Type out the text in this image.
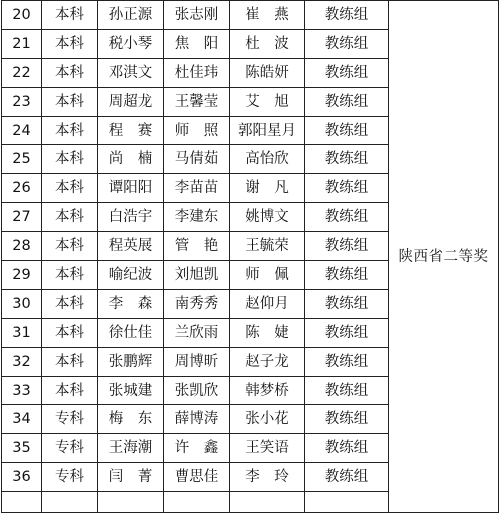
20	本科	孙正源	张志刚	崔　燕	教练组	陕西省二等奖
21	本科	税小琴	焦　阳	杜　波	教练组	
22	本科	邓淇文	杜佳玮	陈皓妍	教练组	
23	本科	周超龙	王馨莹	艾　旭	教练组	
24	本科	程　赛	师　照	郭阳星月	教练组	
25	本科	尚　楠	马倩茹	高怡欣	教练组	
26	本科	谭阳阳	李苗苗	谢　凡	教练组	
27	本科	白浩宇	李建东	姚博文	教练组	
28	本科	程英展	管　艳	王毓荣	教练组	
29	本科	喻纪波	刘旭凯	师　佩	教练组	
30	本科	李　森	南秀秀	赵仰月	教练组	
31	本科	徐仕佳	兰欣雨	陈　婕	教练组	
32	本科	张鹏辉	周博昕	赵子龙	教练组	
33	本科	张城建	张凯欣	韩梦桥	教练组	
34	专科	梅　东	薛博涛	张小花	教练组	
35	专科	王海潮	许　鑫	王笑语	教练组	
36	专科	闫　菁	曹思佳	李　玲	教练组	
